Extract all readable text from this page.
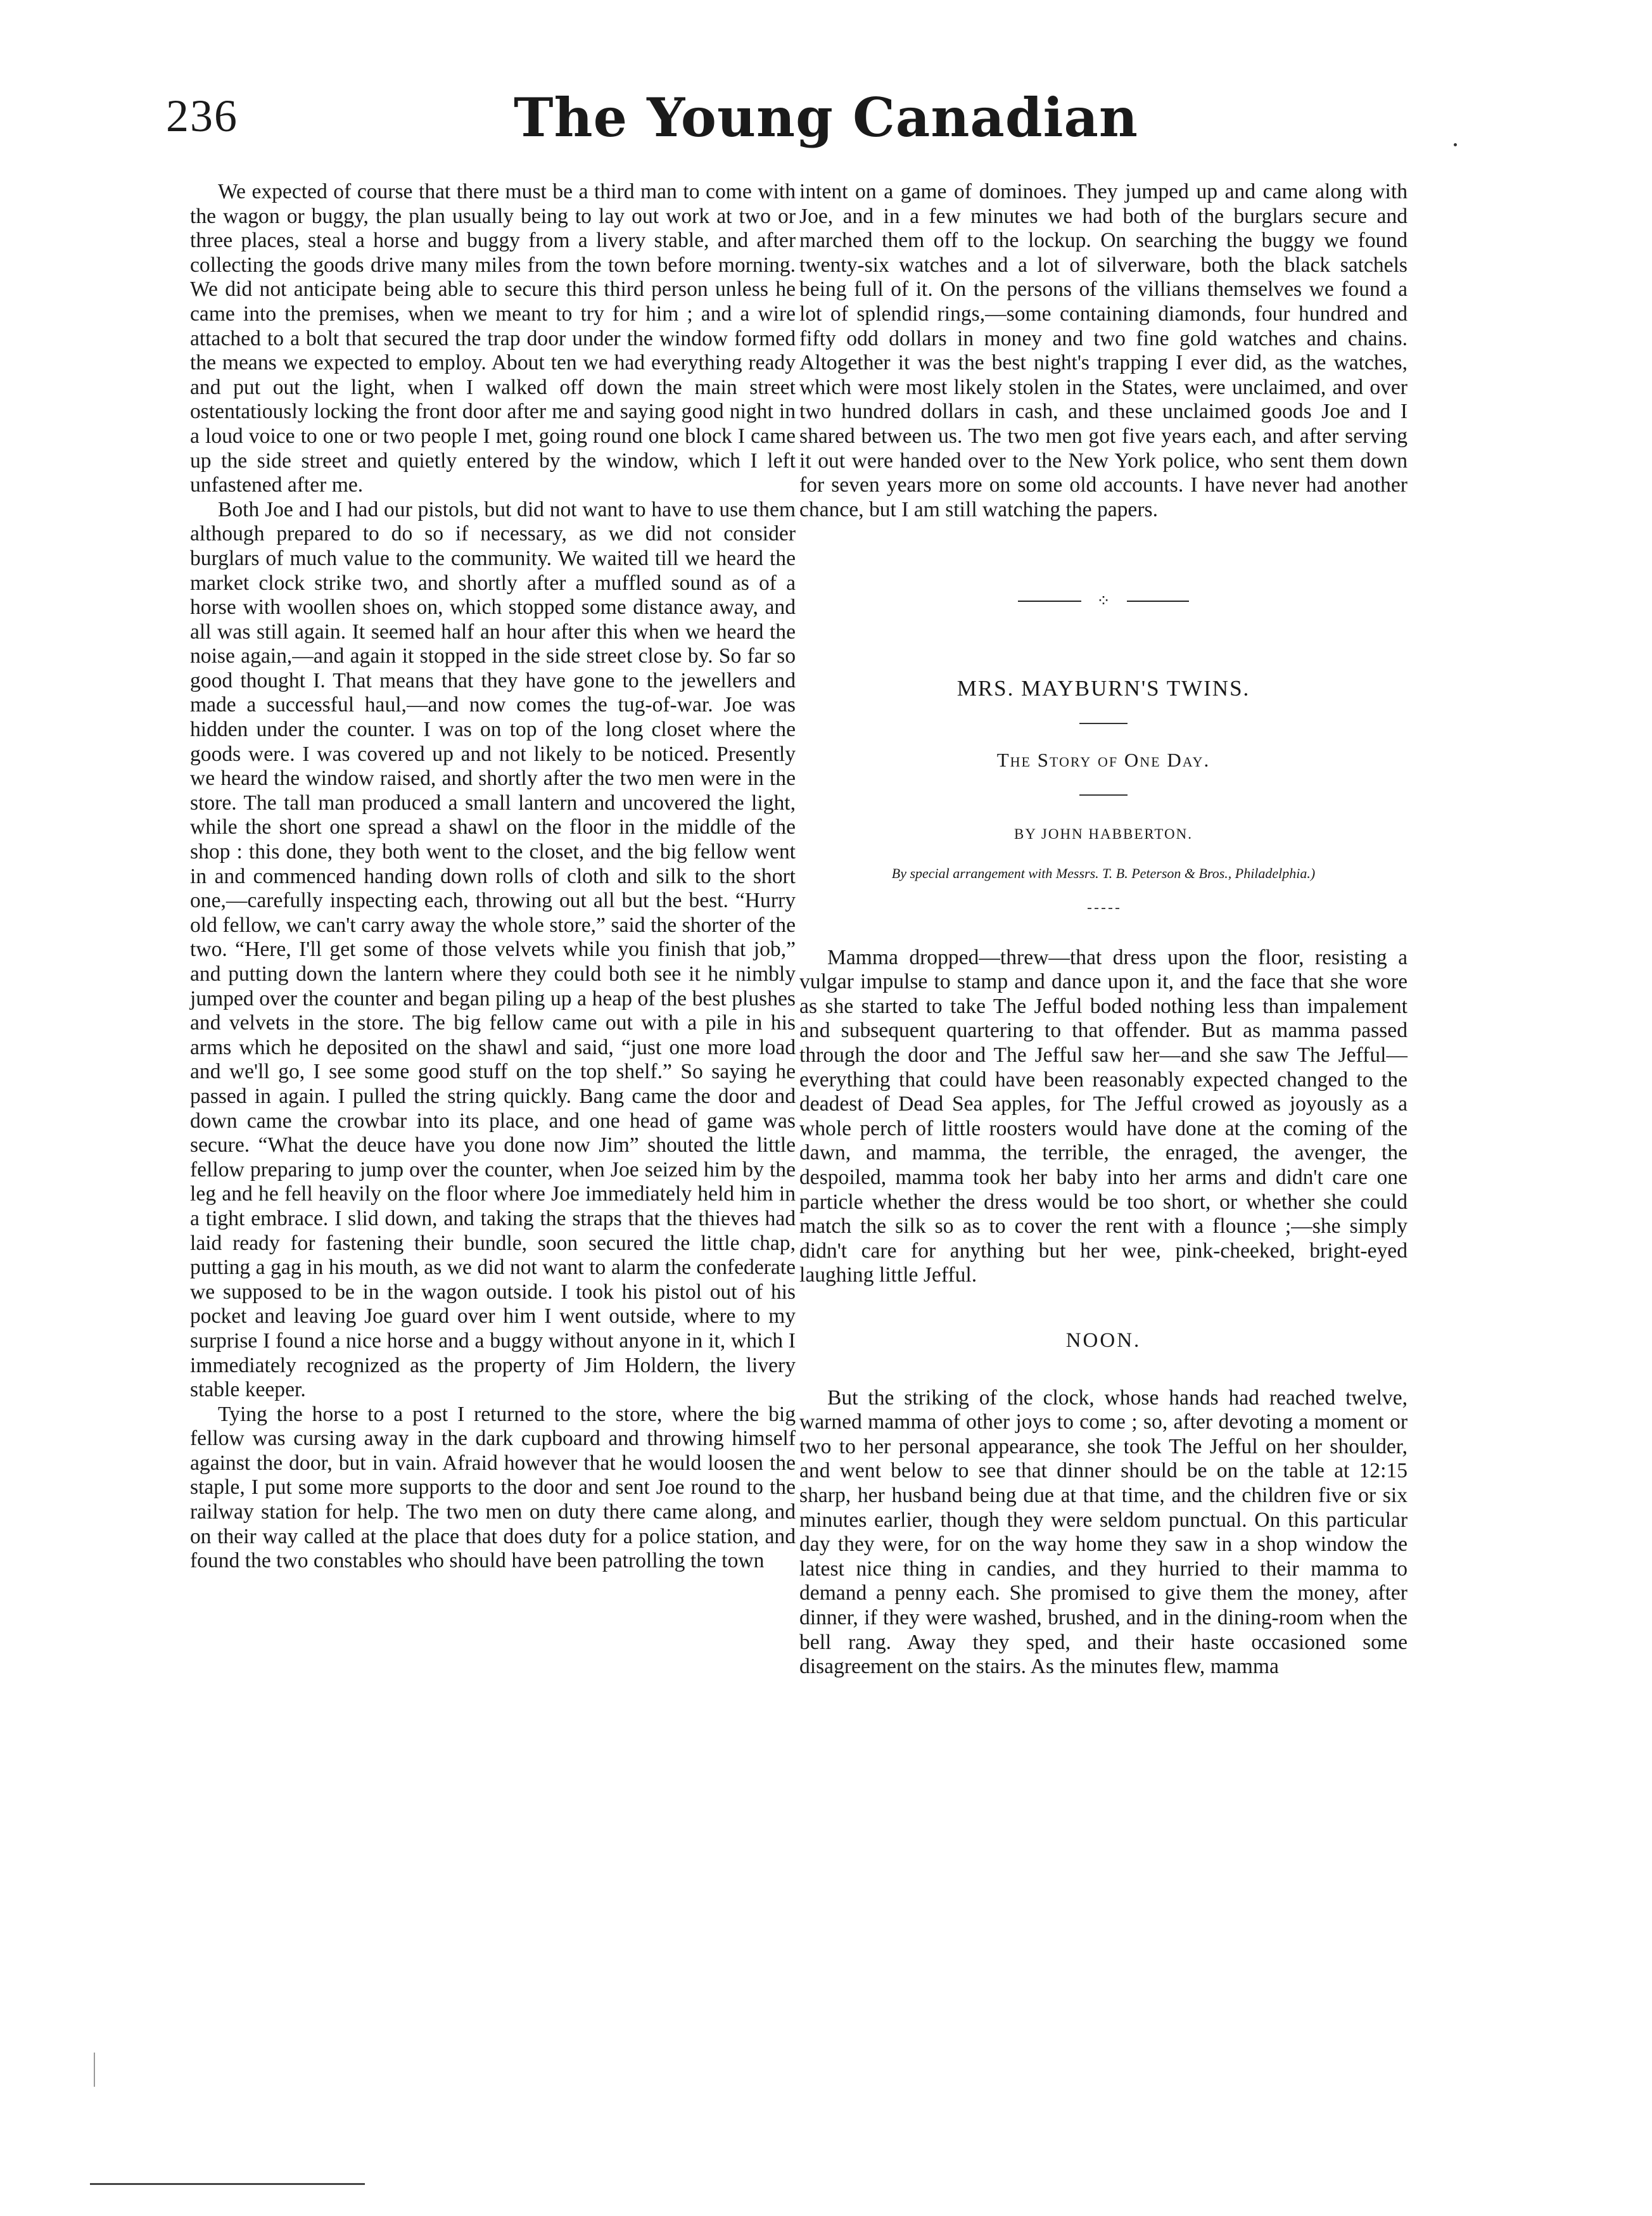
236	The Young Canadian

We expected of course that there must be a third man to come with the wagon or buggy, the plan usually being to lay out work at two or three places, steal a horse and buggy from a livery stable, and after collecting the goods drive many miles from the town before morning. We did not anticipate being able to secure this third person unless he came into the premises, when we meant to try for him ; and a wire attached to a bolt that secured the trap door under the window formed the means we expected to employ. About ten we had everything ready and put out the light, when I walked off down the main street ostentatiously locking the front door after me and saying good night in a loud voice to one or two people I met, going round one block I came up the side street and quietly entered by the window, which I left unfastened after me.

Both Joe and I had our pistols, but did not want to have to use them although prepared to do so if necessary, as we did not consider burglars of much value to the community. We waited till we heard the market clock strike two, and shortly after a muffled sound as of a horse with woollen shoes on, which stopped some distance away, and all was still again. It seemed half an hour after this when we heard the noise again,—and again it stopped in the side street close by. So far so good thought I. That means that they have gone to the jewellers and made a successful haul,—and now comes the tug-of-war. Joe was hidden under the counter. I was on top of the long closet where the goods were. I was covered up and not likely to be noticed. Presently we heard the window raised, and shortly after the two men were in the store. The tall man produced a small lantern and uncovered the light, while the short one spread a shawl on the floor in the middle of the shop : this done, they both went to the closet, and the big fellow went in and commenced handing down rolls of cloth and silk to the short one,—carefully inspecting each, throwing out all but the best. “Hurry old fellow, we can't carry away the whole store,” said the shorter of the two. “Here, I'll get some of those velvets while you finish that job,” and putting down the lantern where they could both see it he nimbly jumped over the counter and began piling up a heap of the best plushes and velvets in the store. The big fellow came out with a pile in his arms which he deposited on the shawl and said, “just one more load and we'll go, I see some good stuff on the top shelf.” So saying he passed in again. I pulled the string quickly. Bang came the door and down came the crowbar into its place, and one head of game was secure. “What the deuce have you done now Jim” shouted the little fellow preparing to jump over the counter, when Joe seized him by the leg and he fell heavily on the floor where Joe immediately held him in a tight embrace. I slid down, and taking the straps that the thieves had laid ready for fastening their bundle, soon secured the little chap, putting a gag in his mouth, as we did not want to alarm the confederate we supposed to be in the wagon outside. I took his pistol out of his pocket and leaving Joe guard over him I went outside, where to my surprise I found a nice horse and a buggy without anyone in it, which I immediately recognized as the property of Jim Holdern, the livery stable keeper.

Tying the horse to a post I returned to the store, where the big fellow was cursing away in the dark cupboard and throwing himself against the door, but in vain. Afraid however that he would loosen the staple, I put some more supports to the door and sent Joe round to the railway station for help. The two men on duty there came along, and on their way called at the place that does duty for a police station, and found the two constables who should have been patrolling the town

intent on a game of dominoes. They jumped up and came along with Joe, and in a few minutes we had both of the burglars secure and marched them off to the lockup. On searching the buggy we found twenty-six watches and a lot of silverware, both the black satchels being full of it. On the persons of the villians themselves we found a lot of splendid rings,—some containing diamonds, four hundred and fifty odd dollars in money and two fine gold watches and chains. Altogether it was the best night's trapping I ever did, as the watches, which were most likely stolen in the States, were unclaimed, and over two hundred dollars in cash, and these unclaimed goods Joe and I shared between us. The two men got five years each, and after serving it out were handed over to the New York police, who sent them down for seven years more on some old accounts. I have never had another chance, but I am still watching the papers.

⁘

MRS. MAYBURN'S TWINS.

The Story of One Day.

BY JOHN HABBERTON.

By special arrangement with Messrs. T. B. Peterson & Bros., Philadelphia.)

Mamma dropped—threw—that dress upon the floor, resisting a vulgar impulse to stamp and dance upon it, and the face that she wore as she started to take The Jefful boded nothing less than impalement and subsequent quartering to that offender. But as mamma passed through the door and The Jefful saw her—and she saw The Jefful—everything that could have been reasonably expected changed to the deadest of Dead Sea apples, for The Jefful crowed as joyously as a whole perch of little roosters would have done at the coming of the dawn, and mamma, the terrible, the enraged, the avenger, the despoiled, mamma took her baby into her arms and didn't care one particle whether the dress would be too short, or whether she could match the silk so as to cover the rent with a flounce ;—she simply didn't care for anything but her wee, pink-cheeked, bright-eyed laughing little Jefful.

NOON.

But the striking of the clock, whose hands had reached twelve, warned mamma of other joys to come ; so, after devoting a moment or two to her personal appearance, she took The Jefful on her shoulder, and went below to see that dinner should be on the table at 12:15 sharp, her husband being due at that time, and the children five or six minutes earlier, though they were seldom punctual. On this particular day they were, for on the way home they saw in a shop window the latest nice thing in candies, and they hurried to their mamma to demand a penny each. She promised to give them the money, after dinner, if they were washed, brushed, and in the dining-room when the bell rang. Away they sped, and their haste occasioned some disagreement on the stairs. As the minutes flew, mamma
